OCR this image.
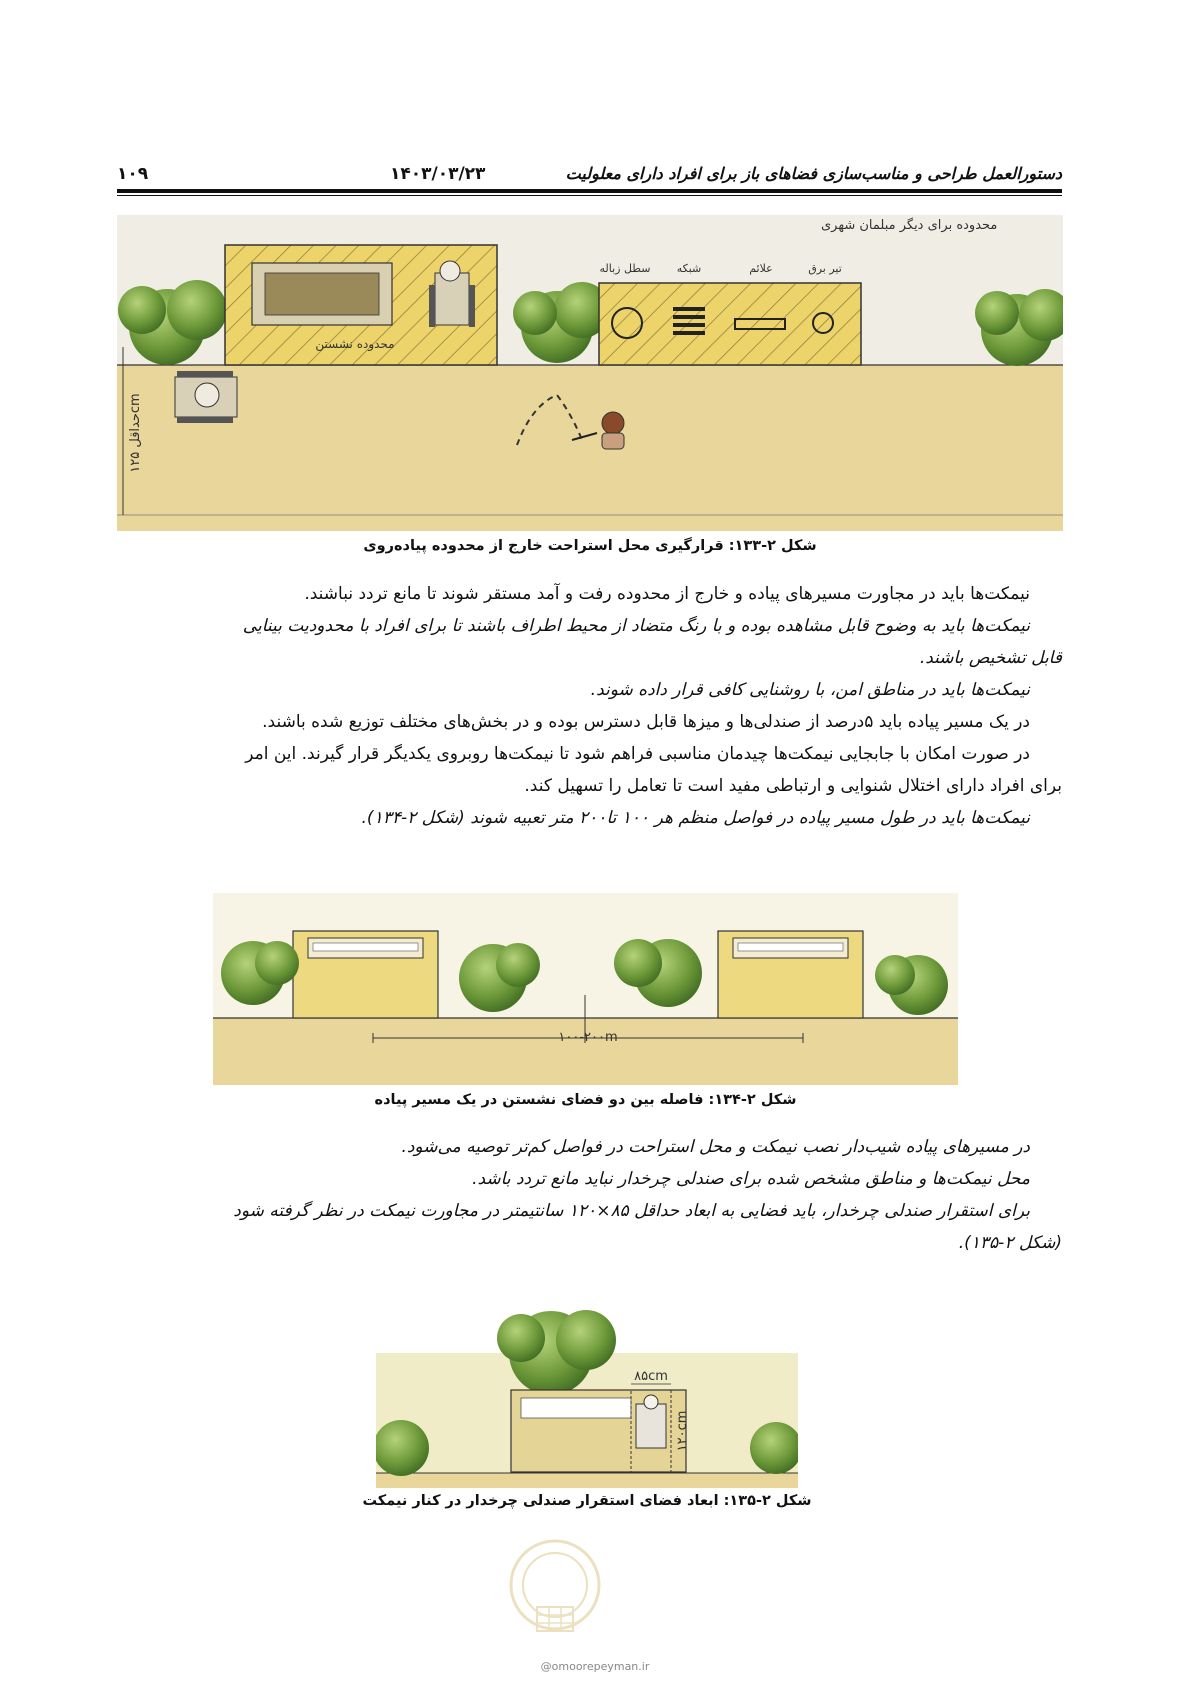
۱۰۹	۱۴۰۳/۰۳/۲۳	دستورالعمل طراحی و مناسب‌سازی فضاهای باز برای افراد دارای معلولیت
محدوده برای دیگر مبلمان شهری
تیر برق
علائم
شبکه
سطل زباله
محدوده نشستن
حداقل ۱۲۵cm
شکل ۲-۱۳۳: قرارگیری محل استراحت خارج از محدوده پیاده‌روی
نیمکت‌ها باید در مجاورت مسیرهای پیاده و خارج از محدوده رفت و آمد مستقر شوند تا مانع تردد نباشند.
نیمکت‌ها باید به وضوح قابل مشاهده بوده و با رنگ متضاد از محیط اطراف باشند تا برای افراد با محدودیت بینایی
قابل تشخیص باشند.
نیمکت‌ها باید در مناطق امن، با روشنایی کافی قرار داده شوند.
در یک مسیر پیاده باید ۵درصد از صندلی‌ها و میزها قابل دسترس بوده و در بخش‌های مختلف توزیع شده باشند.
در صورت امکان با جابجایی نیمکت‌ها چیدمان مناسبی فراهم شود تا نیمکت‌ها روبروی یکدیگر قرار گیرند. این امر
برای افراد دارای اختلال شنوایی و ارتباطی مفید است تا تعامل را تسهیل کند.
نیمکت‌ها باید در طول مسیر پیاده در فواصل منظم هر ۱۰۰ تا۲۰۰ متر تعبیه شوند (شکل ۲-۱۳۴).
۱۰۰-۲۰۰m
شکل ۲-۱۳۴: فاصله بین دو فضای نشستن در یک مسیر پیاده
در مسیرهای پیاده شیب‌دار نصب نیمکت و محل استراحت در فواصل کم‌تر توصیه می‌شود.
محل نیمکت‌ها و مناطق مشخص شده برای صندلی چرخدار نباید مانع تردد باشد.
برای استقرار صندلی چرخدار، باید فضایی به ابعاد حداقل ۸۵×۱۲۰ سانتیمتر در مجاورت نیمکت در نظر گرفته شود
(شکل ۲-۱۳۵).
۸۵cm
۱۲۰cm
شکل ۲-۱۳۵: ابعاد فضای استقرار صندلی چرخدار در کنار نیمکت
@omoorepeyman.ir
